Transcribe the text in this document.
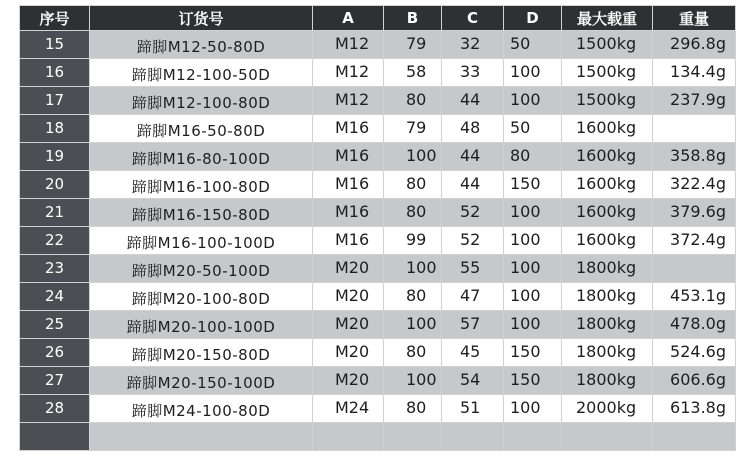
序号	订货号	A	B	C	D	最大载重	重量
15	蹄脚M12-50-80D	M12	79	32	50	1500kg	296.8g
16	蹄脚M12-100-50D	M12	58	33	100	1500kg	134.4g
17	蹄脚M12-100-80D	M12	80	44	100	1500kg	237.9g
18	蹄脚M16-50-80D	M16	79	48	50	1600kg	
19	蹄脚M16-80-100D	M16	100	44	80	1600kg	358.8g
20	蹄脚M16-100-80D	M16	80	44	150	1600kg	322.4g
21	蹄脚M16-150-80D	M16	80	52	100	1600kg	379.6g
22	蹄脚M16-100-100D	M16	99	52	100	1600kg	372.4g
23	蹄脚M20-50-100D	M20	100	55	100	1800kg	
24	蹄脚M20-100-80D	M20	80	47	100	1800kg	453.1g
25	蹄脚M20-100-100D	M20	100	57	100	1800kg	478.0g
26	蹄脚M20-150-80D	M20	80	45	150	1800kg	524.6g
27	蹄脚M20-150-100D	M20	100	54	150	1800kg	606.6g
28	蹄脚M24-100-80D	M24	80	51	100	2000kg	613.8g
